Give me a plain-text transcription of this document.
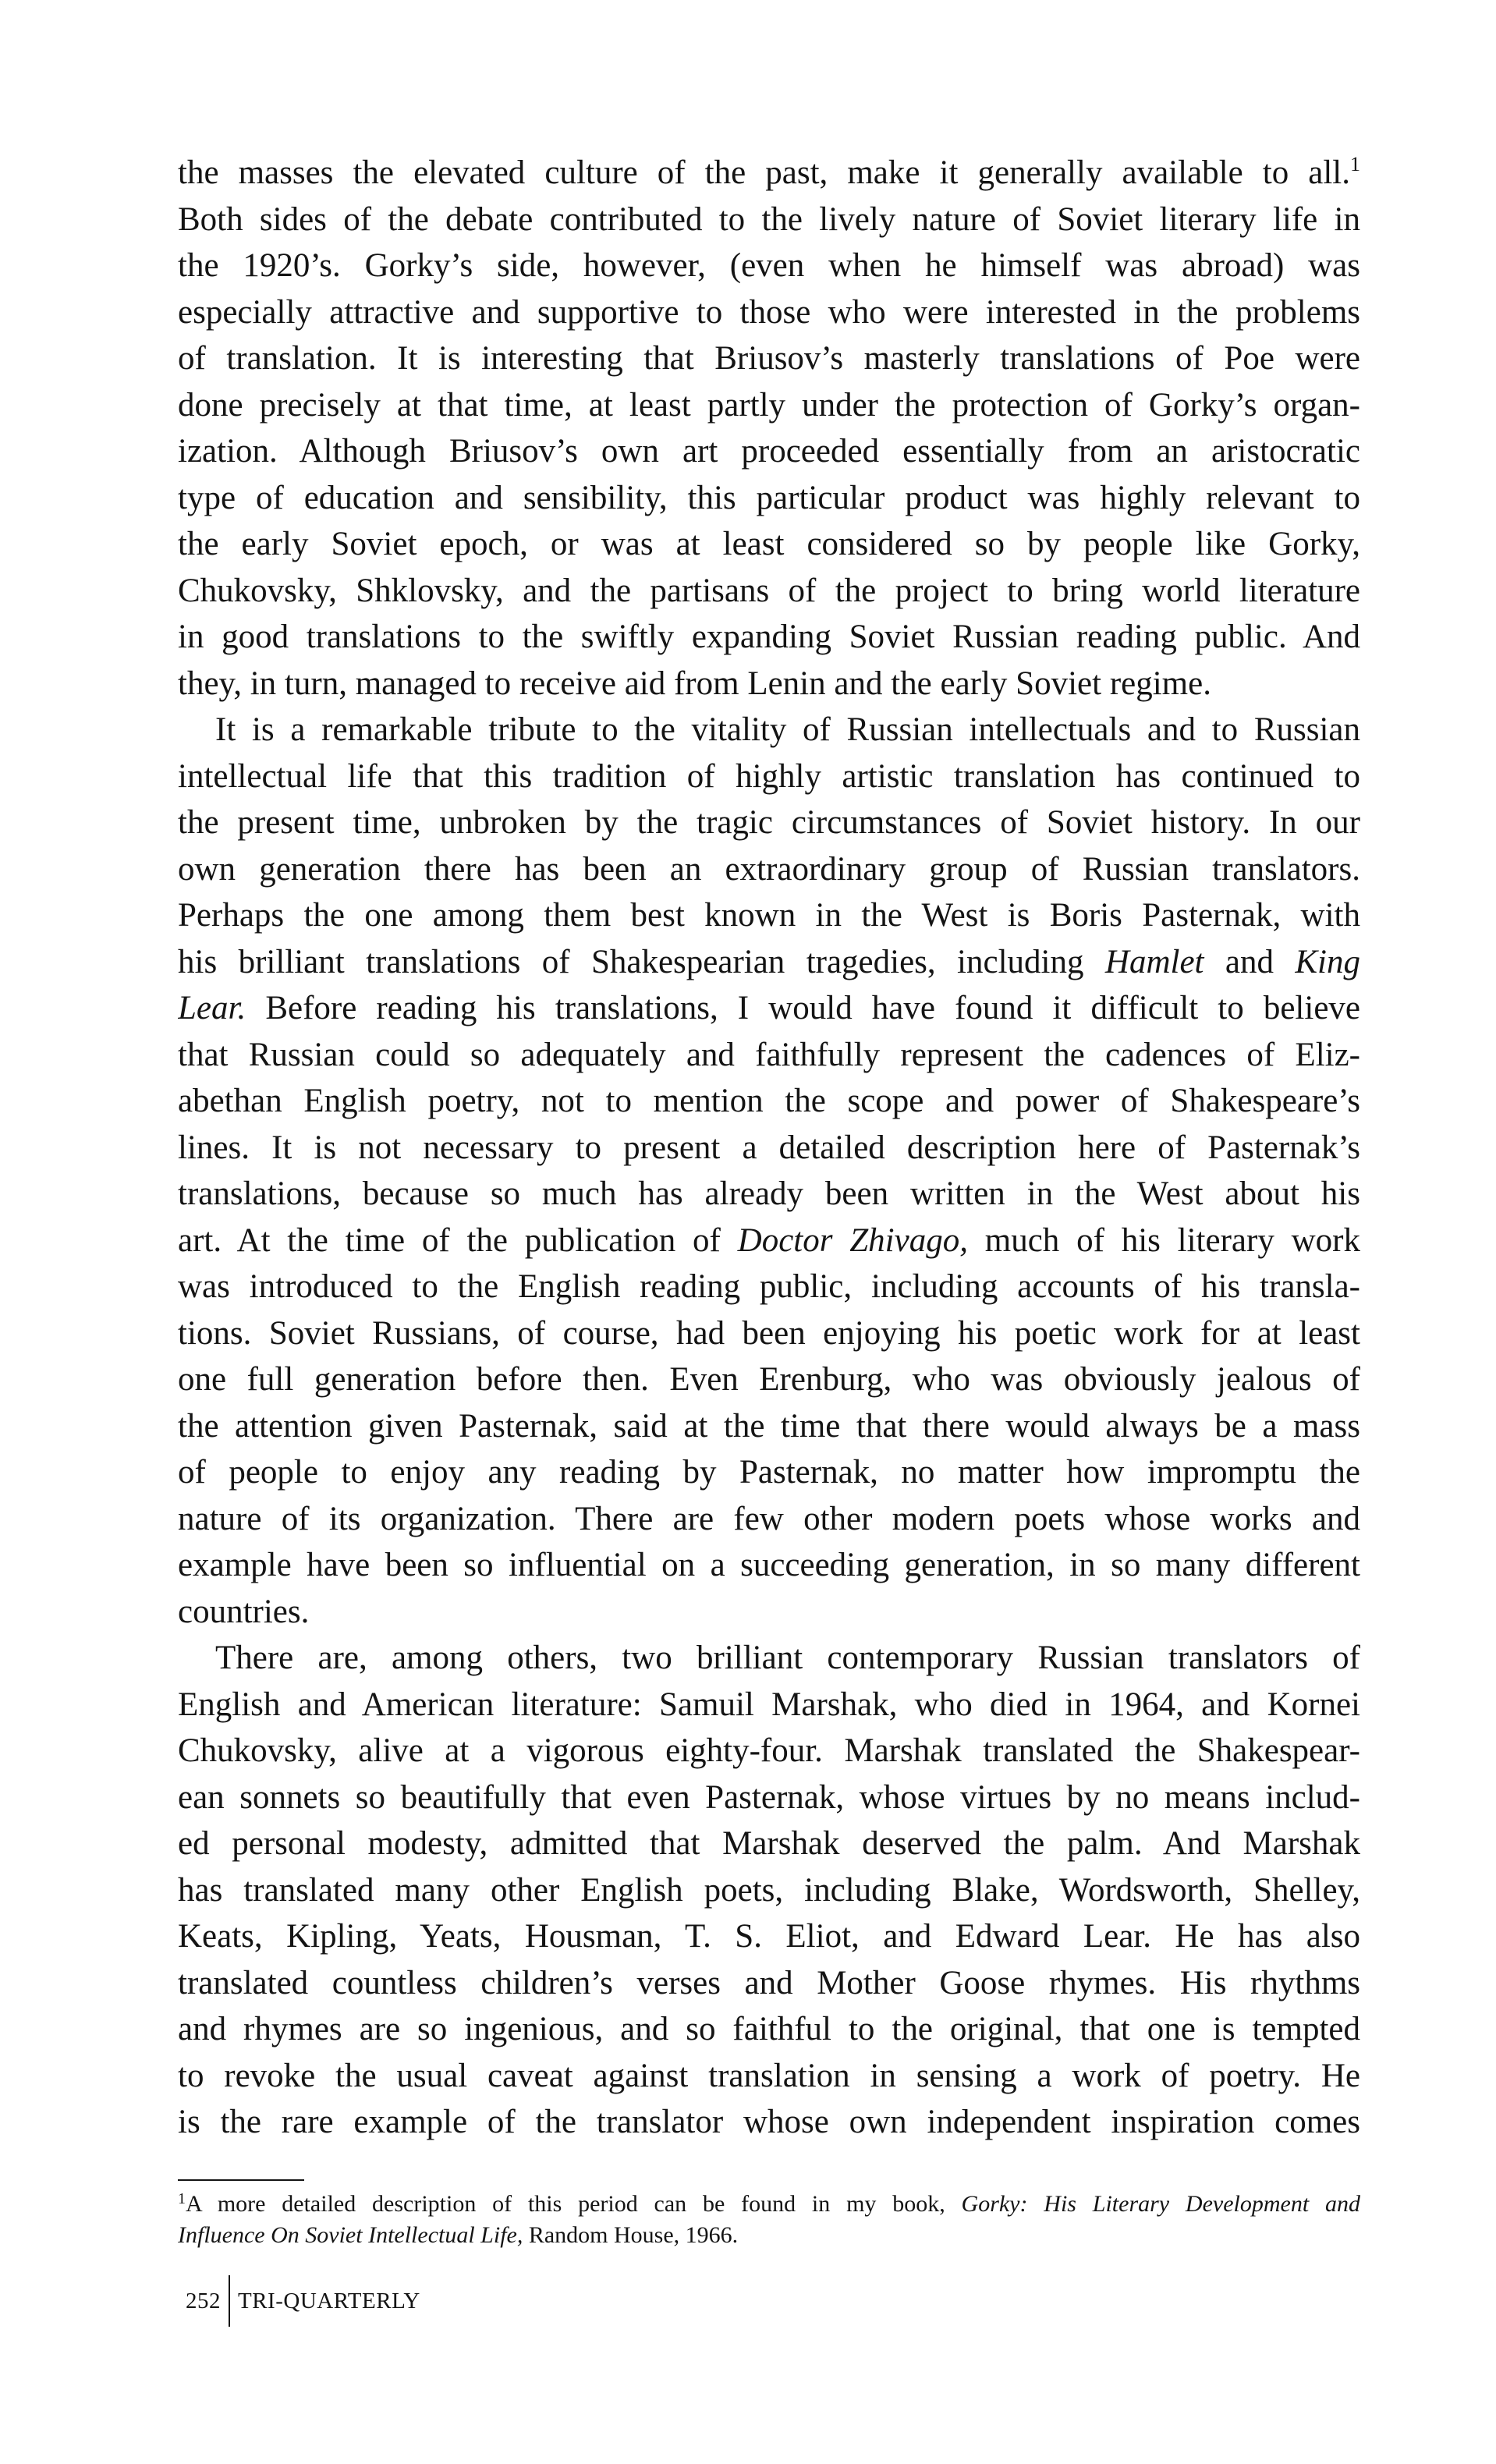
the masses the elevated culture of the past, make it generally available to all.$^1$
Both sides of the debate contributed to the lively nature of Soviet literary life in
the 1920’s. Gorky’s side, however, (even when he himself was abroad) was
especially attractive and supportive to those who were interested in the problems
of translation. It is interesting that Briusov’s masterly translations of Poe were
done precisely at that time, at least partly under the protection of Gorky’s organ-
ization. Although Briusov’s own art proceeded essentially from an aristocratic
type of education and sensibility, this particular product was highly relevant to
the early Soviet epoch, or was at least considered so by people like Gorky,
Chukovsky, Shklovsky, and the partisans of the project to bring world literature
in good translations to the swiftly expanding Soviet Russian reading public. And
they, in turn, managed to receive aid from Lenin and the early Soviet regime.
It is a remarkable tribute to the vitality of Russian intellectuals and to Russian
intellectual life that this tradition of highly artistic translation has continued to
the present time, unbroken by the tragic circumstances of Soviet history. In our
own generation there has been an extraordinary group of Russian translators.
Perhaps the one among them best known in the West is Boris Pasternak, with
his brilliant translations of Shakespearian tragedies, including Hamlet and King
Lear. Before reading his translations, I would have found it difficult to believe
that Russian could so adequately and faithfully represent the cadences of Eliz-
abethan English poetry, not to mention the scope and power of Shakespeare’s
lines. It is not necessary to present a detailed description here of Pasternak’s
translations, because so much has already been written in the West about his
art. At the time of the publication of Doctor Zhivago, much of his literary work
was introduced to the English reading public, including accounts of his transla-
tions. Soviet Russians, of course, had been enjoying his poetic work for at least
one full generation before then. Even Erenburg, who was obviously jealous of
the attention given Pasternak, said at the time that there would always be a mass
of people to enjoy any reading by Pasternak, no matter how impromptu the
nature of its organization. There are few other modern poets whose works and
example have been so influential on a succeeding generation, in so many different
countries.
There are, among others, two brilliant contemporary Russian translators of
English and American literature: Samuil Marshak, who died in 1964, and Kornei
Chukovsky, alive at a vigorous eighty-four. Marshak translated the Shakespear-
ean sonnets so beautifully that even Pasternak, whose virtues by no means includ-
ed personal modesty, admitted that Marshak deserved the palm. And Marshak
has translated many other English poets, including Blake, Wordsworth, Shelley,
Keats, Kipling, Yeats, Housman, T. S. Eliot, and Edward Lear. He has also
translated countless children’s verses and Mother Goose rhymes. His rhythms
and rhymes are so ingenious, and so faithful to the original, that one is tempted
to revoke the usual caveat against translation in sensing a work of poetry. He
is the rare example of the translator whose own independent inspiration comes
$^1$A more detailed description of this period can be found in my book, Gorky: His Literary Development and
Influence On Soviet Intellectual Life, Random House, 1966.
252 TRI-QUARTERLY
